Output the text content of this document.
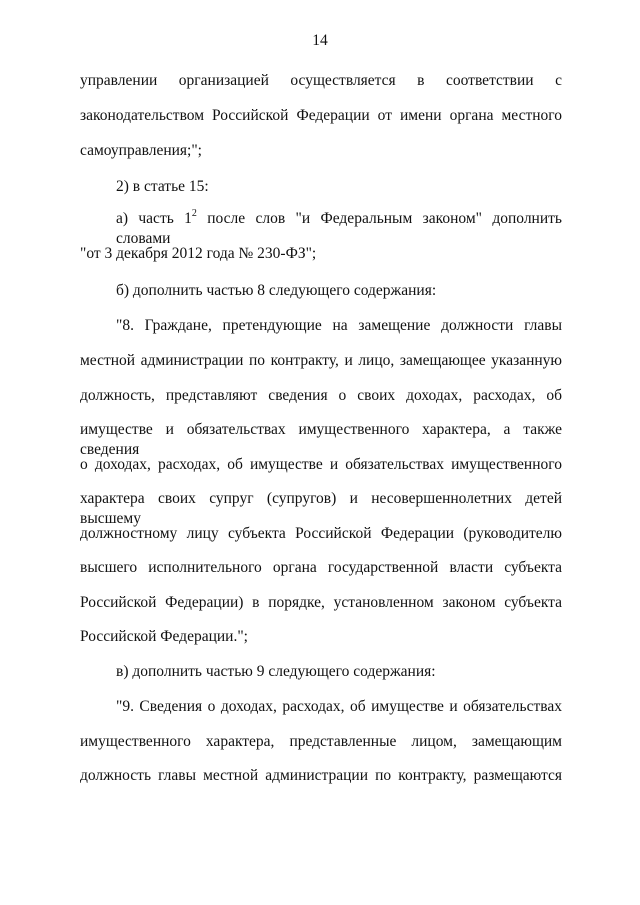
14
управлении организацией осуществляется в соответствии с
законодательством Российской Федерации от имени органа местного
самоуправления;";
2) в статье 15:
а) часть $1^2$ после слов "и Федеральным законом" дополнить словами
"от 3 декабря 2012 года № 230-ФЗ";
б) дополнить частью 8 следующего содержания:
"8. Граждане, претендующие на замещение должности главы
местной администрации по контракту, и лицо, замещающее указанную
должность, представляют сведения о своих доходах, расходах, об
имуществе и обязательствах имущественного характера, а также сведения
о доходах, расходах, об имуществе и обязательствах имущественного
характера своих супруг (супругов) и несовершеннолетних детей высшему
должностному лицу субъекта Российской Федерации (руководителю
высшего исполнительного органа государственной власти субъекта
Российской Федерации) в порядке, установленном законом субъекта
Российской Федерации.";
в) дополнить частью 9 следующего содержания:
"9. Сведения о доходах, расходах, об имуществе и обязательствах
имущественного характера, представленные лицом, замещающим
должность главы местной администрации по контракту, размещаются
